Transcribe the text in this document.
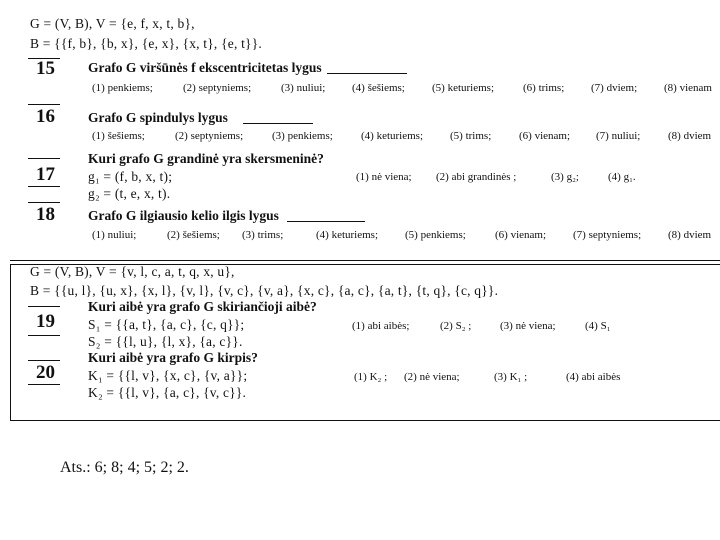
G = (V, B), V = {e, f, x, t, b},
B = {{f, b}, {b, x}, {e, x}, {x, t}, {e, t}}.
15 Grafo G viršūnės f ekscentricitetas lygus
(1) penkiems;	(2) septyniems;	(3) nuliui; (4) šešiems; (5) keturiems;	(6) trims; (7) dviem; (8) vienam
16 Grafo G spindulys lygus
(1) šešiems;	(2) septyniems;	(3) penkiems;	(4) keturiems; (5) trims;	(6) vienam; (7) nuliui;	(8) dviem
17
Kuri grafo G grandinė yra skersmeninė?
g₁ = (f, b, x, t);
g₂ = (t, e, x, t).
(1) nė viena; (2) abi grandinės ;	(3) g₂;	(4) g₁.
18 Grafo G ilgiausio kelio ilgis lygus
(1) nuliui;	(2) šešiems; (3) trims;	(4) keturiems; (5) penkiems;	(6) vienam; (7) septyniems; (8) dviem
G = (V, B), V = {v, l, c, a, t, q, x, u},
B = {{u, l}, {u, x}, {x, l}, {v, l}, {v, c}, {v, a}, {x, c}, {a, c}, {a, t}, {t, q}, {c, q}}.
19
Kuri aibė yra grafo G skiriančioji aibė?
S₁ = {{a, t}, {a, c}, {c, q}};
S₂ = {{l, u}, {l, x}, {a, c}}.
(1) abi aibės;	(2) S₂ ;	(3) nė viena;	(4) S₁
20
Kuri aibė yra grafo G kirpis?
K₁ = {{l, v}, {x, c}, {v, a}};
K₂ = {{l, v}, {a, c}, {v, c}}.
(1) K₂ ; (2) nė viena;	(3) K₁ ;	(4) abi aibės
Ats.: 6; 8; 4; 5; 2; 2.
